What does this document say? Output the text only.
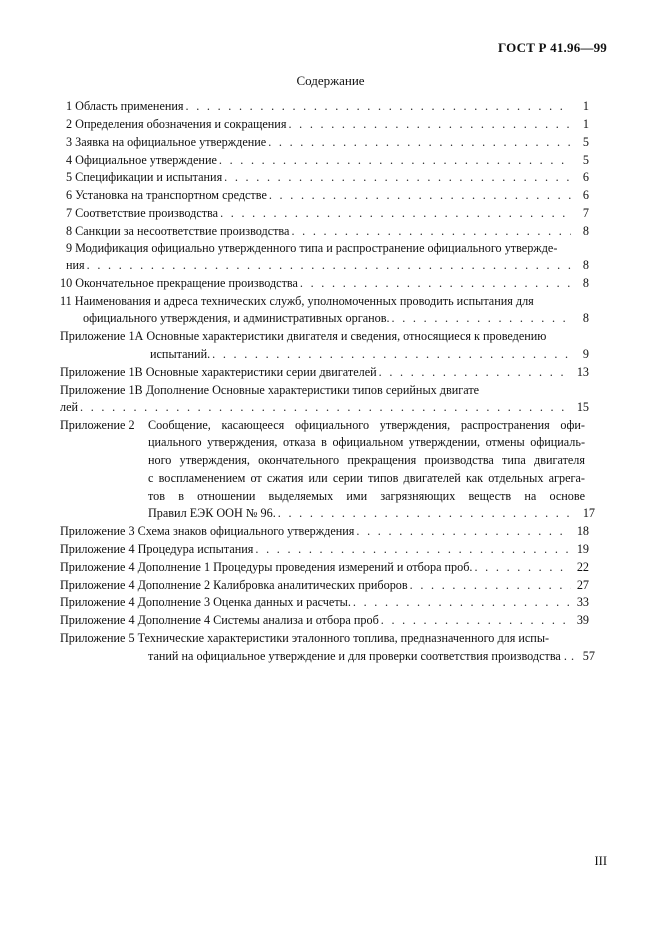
ГОСТ Р 41.96—99
Содержание
1 Область применения . . .	1
2 Определения обозначения и сокращения . . .	1
3 Заявка на официальное утверждение . . .	5
4 Официальное утверждение . . .	5
5 Спецификации и испытания . . .	6
6 Установка на транспортном средстве . . .	6
7 Соответствие производства . . .	7
8 Санкции за несоответствие производства . . .	8
9 Модификация официально утвержденного типа и распространение официального утвержде-
ния . . .	8
10 Окончательное прекращение производства . . .	8
11 Наименования и адреса технических служб, уполномоченных проводить испытания для
официального утверждения, и административных органов. . . .	8
Приложение 1А Основные характеристики двигателя и сведения, относящиеся к проведению
испытаний. . . .	9
Приложение 1В Основные характеристики серии двигателей . . .	13
Приложение 1В Дополнение Основные характеристики типов серийных двигате
лей . . .	15
Приложение 2 Сообщение, касающееся официального утверждения, распространения офи-
циального утверждения, отказа в официальном утверждении, отмены официаль-
ного утверждения, окончательного прекращения производства типа двигателя
с воспламенением от сжатия или серии типов двигателей как отдельных агрега-
тов в отношении выделяемых ими загрязняющих веществ на основе
Правил ЕЭК ООН № 96. . . .	17
Приложение 3 Схема знаков официального утверждения . . .	18
Приложение 4 Процедура испытания . . .	19
Приложение 4 Дополнение 1 Процедуры проведения измерений и отбора проб. . . .	22
Приложение 4 Дополнение 2 Калибровка аналитических приборов . . .	27
Приложение 4 Дополнение 3 Оценка данных и расчеты. . . .	33
Приложение 4 Дополнение 4 Системы анализа и отбора проб . . .	39
Приложение 5 Технические характеристики эталонного топлива, предназначенного для испы-
таний на официальное утверждение и для проверки соответствия производства . . . . 57
III
